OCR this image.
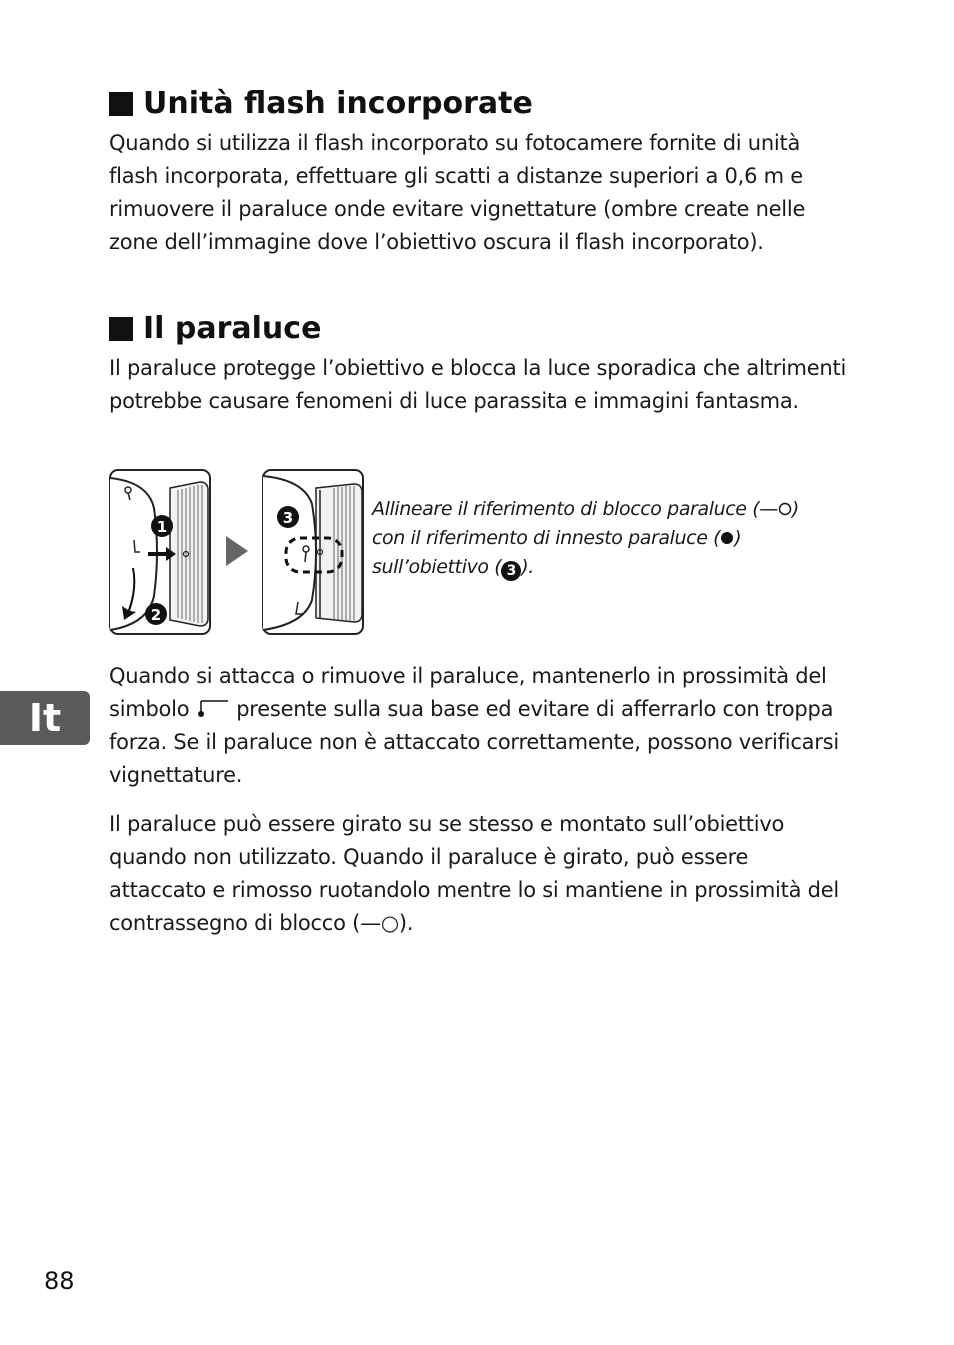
Unità flash incorporate

Quando si utilizza il flash incorporato su fotocamere fornite di unità flash incorporata, effettuare gli scatti a distanze superiori a 0,6 m e rimuovere il paraluce onde evitare vignettature (ombre create nelle zone dell’immagine dove l’obiettivo oscura il flash incorporato).

Il paraluce

Il paraluce protegge l’obiettivo e blocca la luce sporadica che altrimenti potrebbe causare fenomeni di luce parassita e immagini fantasma.

1
2
3	Allineare il riferimento di blocco paraluce (— )
con il riferimento di innesto paraluce ( )
sull’obiettivo ( 3 ).

Quando si attacca o rimuove il paraluce, mantenerlo in prossimità del simbolo  presente sulla sua base ed evitare di afferrarlo con troppa forza. Se il paraluce non è attaccato correttamente, possono verificarsi vignettature.

Il paraluce può essere girato su se stesso e montato sull’obiettivo quando non utilizzato. Quando il paraluce è girato, può essere attaccato e rimosso ruotandolo mentre lo si mantiene in prossimità del contrassegno di blocco (—○).

It

88
